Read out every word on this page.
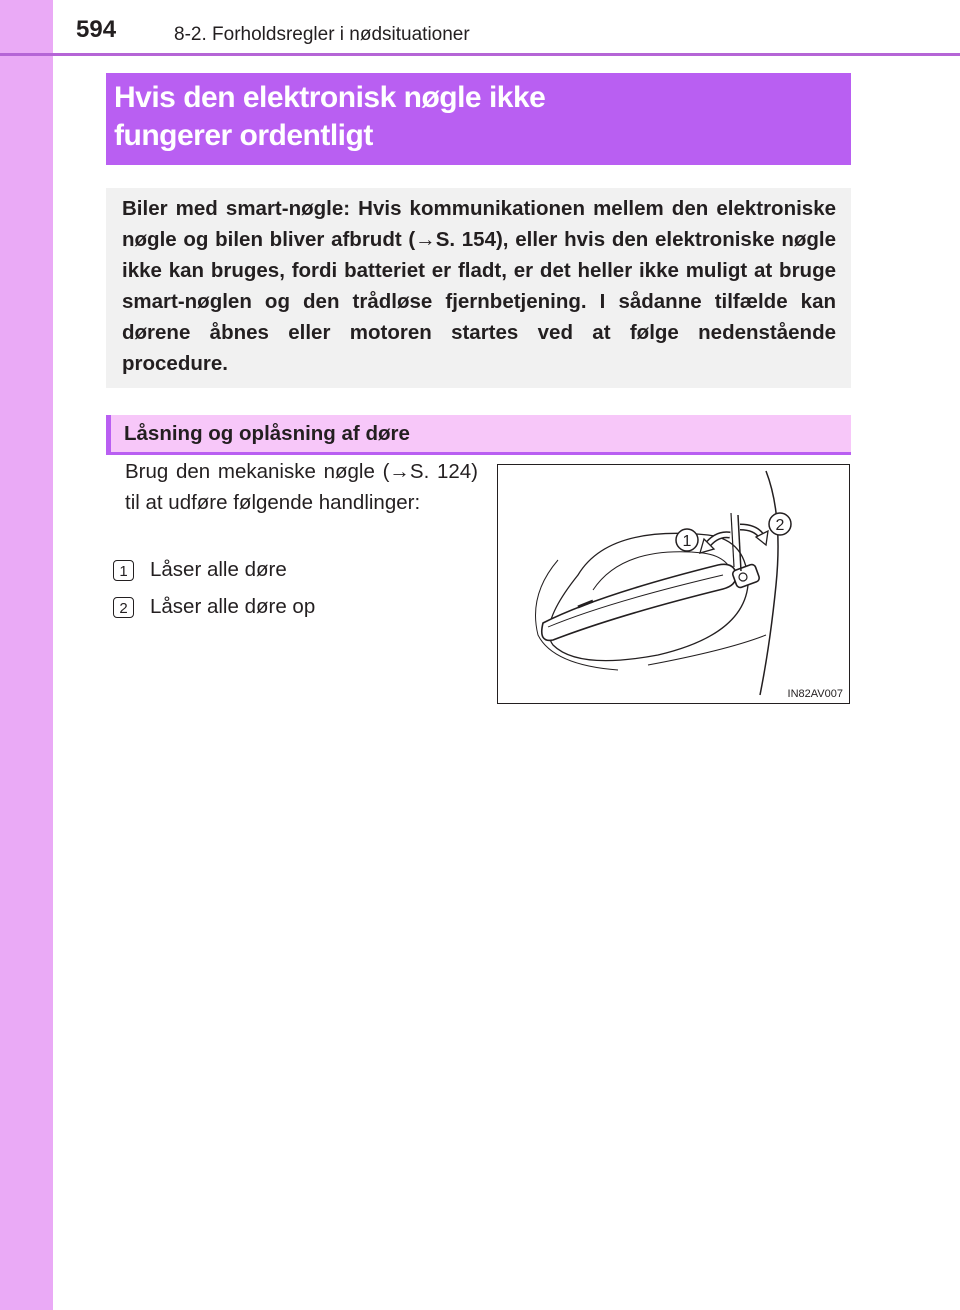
594	8-2. Forholdsregler i nødsituationer
Hvis den elektronisk nøgle ikke
fungerer ordentligt

Biler med smart-nøgle: Hvis kommunikationen mellem den elektroniske nøgle og bilen bliver afbrudt (→S. 154), eller hvis den elektroniske nøgle ikke kan bruges, fordi batteriet er fladt, er det heller ikke muligt at bruge smart-nøglen og den trådløse fjernbetjening. I sådanne tilfælde kan dørene åbnes eller motoren startes ved at følge nedenstående procedure.

Låsning og oplåsning af døre

Brug den mekaniske nøgle (→S. 124) til at udføre følgende handlinger:

1	Låser alle døre
2	Låser alle døre op
1
2
IN82AV007
